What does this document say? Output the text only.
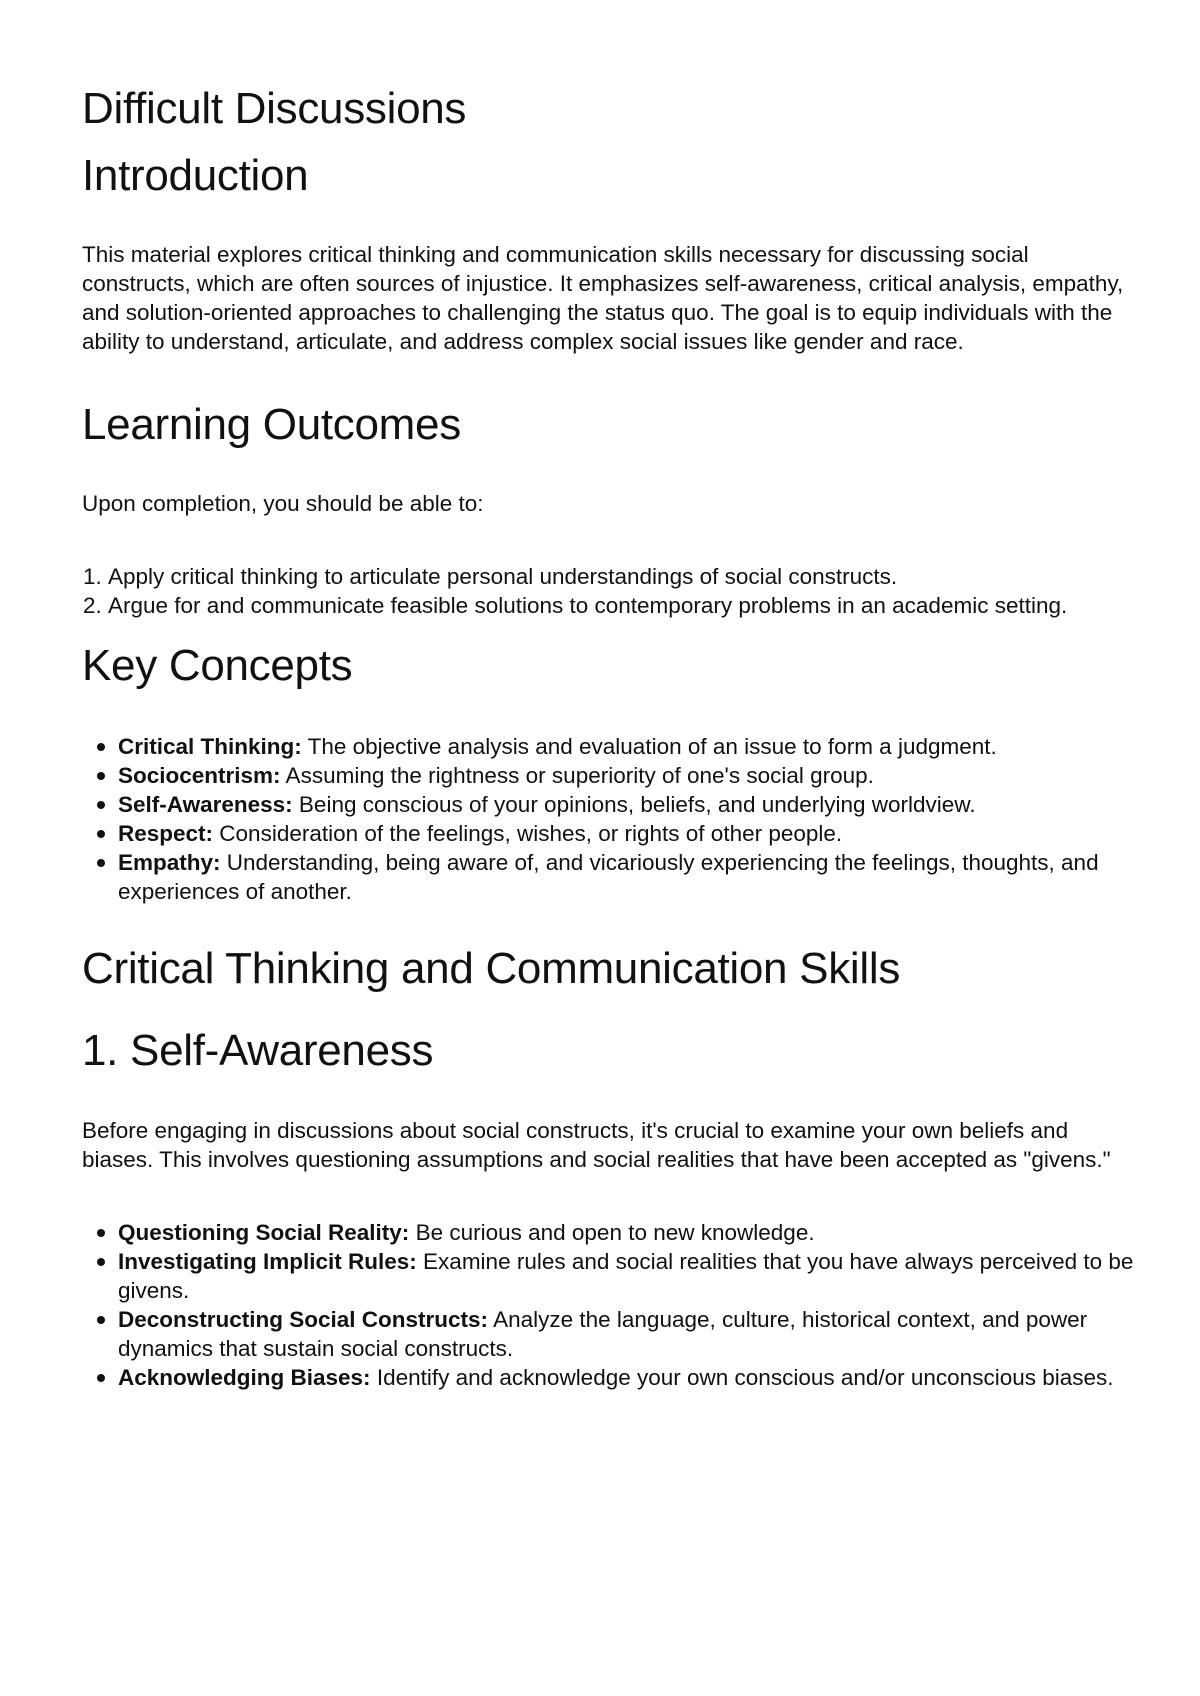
Difficult Discussions
Introduction

This material explores critical thinking and communication skills necessary for discussing social constructs, which are often sources of injustice. It emphasizes self-awareness, critical analysis, empathy, and solution-oriented approaches to challenging the status quo. The goal is to equip individuals with the ability to understand, articulate, and address complex social issues like gender and race.

Learning Outcomes

Upon completion, you should be able to:

1. Apply critical thinking to articulate personal understandings of social constructs.
2. Argue for and communicate feasible solutions to contemporary problems in an academic setting.
Key Concepts
Critical Thinking: The objective analysis and evaluation of an issue to form a judgment.
Sociocentrism: Assuming the rightness or superiority of one's social group.
Self-Awareness: Being conscious of your opinions, beliefs, and underlying worldview.
Respect: Consideration of the feelings, wishes, or rights of other people.
Empathy: Understanding, being aware of, and vicariously experiencing the feelings, thoughts, and experiences of another.
Critical Thinking and Communication Skills
1. Self-Awareness

Before engaging in discussions about social constructs, it's crucial to examine your own beliefs and biases. This involves questioning assumptions and social realities that have been accepted as "givens."

Questioning Social Reality: Be curious and open to new knowledge.
Investigating Implicit Rules: Examine rules and social realities that you have always perceived to be givens.
Deconstructing Social Constructs: Analyze the language, culture, historical context, and power dynamics that sustain social constructs.
Acknowledging Biases: Identify and acknowledge your own conscious and/or unconscious biases.
